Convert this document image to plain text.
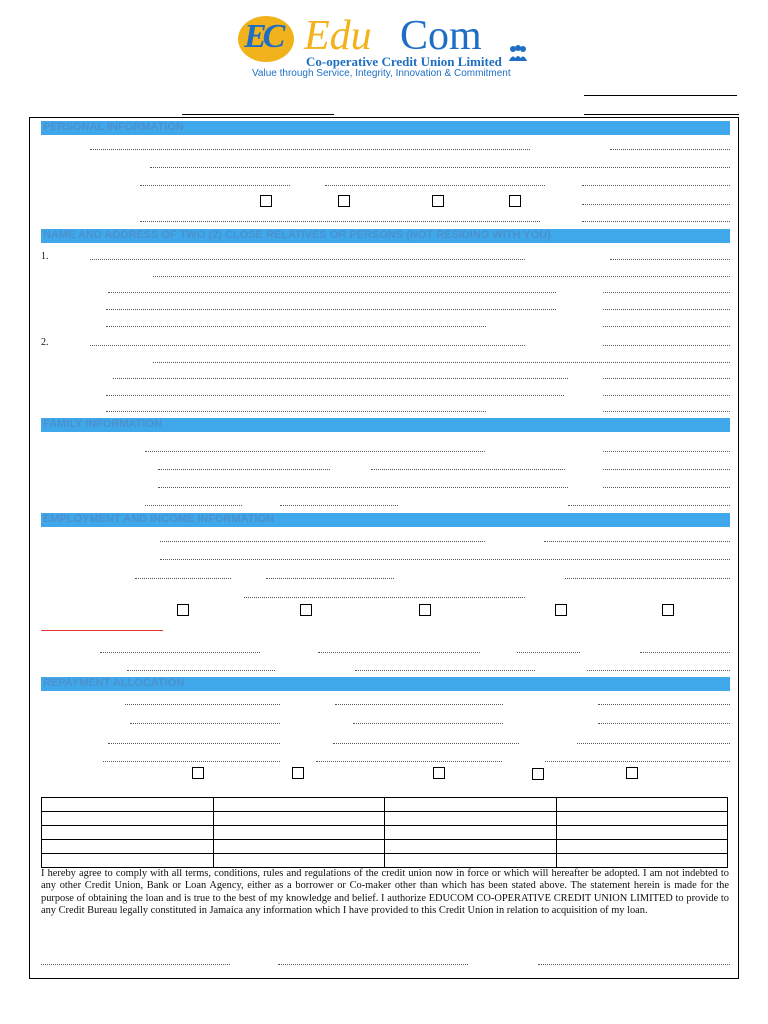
EC Edu Com
Co-operative Credit Union Limited
Value through Service, Integrity, Innovation & Commitment
PERSONAL INFORMATION
NAME AND ADDRESS OF TWO (2) CLOSE RELATIVES OR PERSONS (NOT RESIDING WITH YOU)
FAMILY INFORMATION
EMPLOYMENT AND INCOME INFORMATION
REPAYMENT ALLOCATION
1.
2.

I hereby agree to comply with all terms, conditions, rules and regulations of the credit union now in force or which will hereafter be adopted. I am not indebted to any other Credit Union, Bank or Loan Agency, either as a borrower or Co-maker other than which has been stated above. The statement herein is made for the purpose of obtaining the loan and is true to the best of my knowledge and belief. I authorize EDUCOM CO-OPERATIVE CREDIT UNION LIMITED to provide to any Credit Bureau legally constituted in Jamaica any information which I have provided to this Credit Union in relation to acquisition of my loan.
